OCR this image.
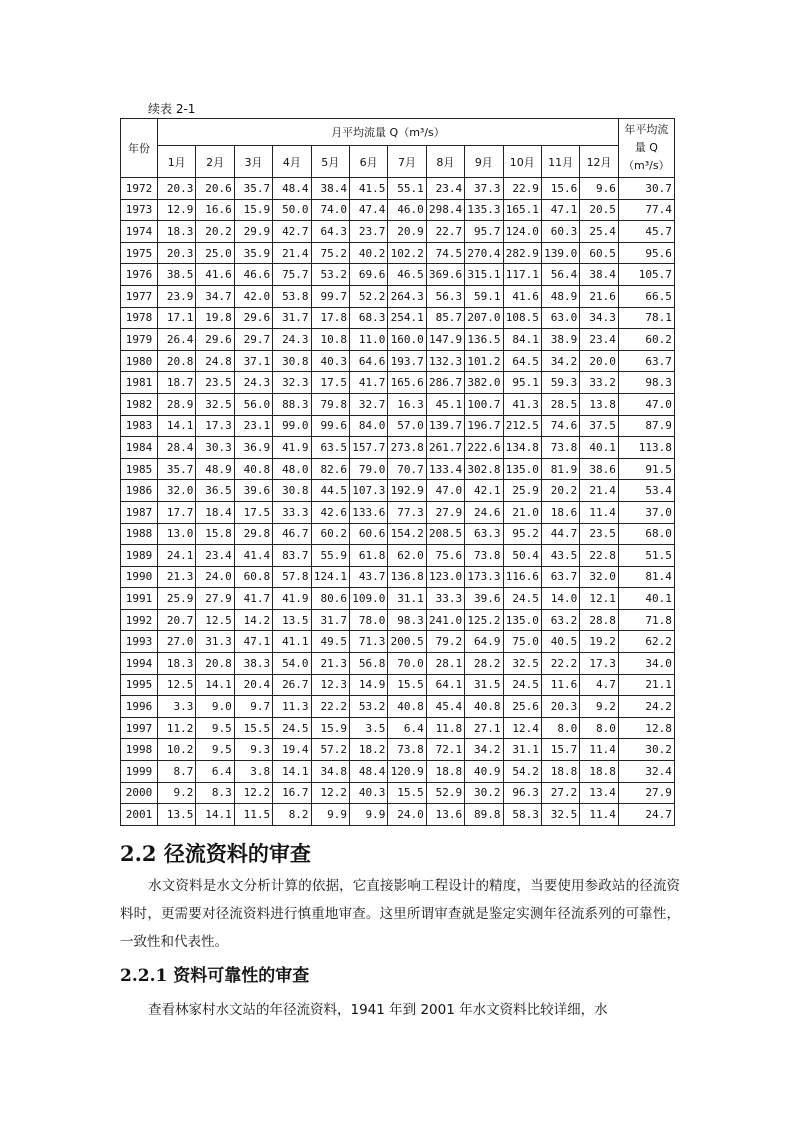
续表 2-1
年份	月平均流量 Q（m³/s）												年平均流量 Q（m³/s）
	1月	2月	3月	4月	5月	6月	7月	8月	9月	10月	11月	12月	
1972	20.3	20.6	35.7	48.4	38.4	41.5	55.1	23.4	37.3	22.9	15.6	9.6	30.7
1973	12.9	16.6	15.9	50.0	74.0	47.4	46.0	298.4	135.3	165.1	47.1	20.5	77.4
1974	18.3	20.2	29.9	42.7	64.3	23.7	20.9	22.7	95.7	124.0	60.3	25.4	45.7
1975	20.3	25.0	35.9	21.4	75.2	40.2	102.2	74.5	270.4	282.9	139.0	60.5	95.6
1976	38.5	41.6	46.6	75.7	53.2	69.6	46.5	369.6	315.1	117.1	56.4	38.4	105.7
1977	23.9	34.7	42.0	53.8	99.7	52.2	264.3	56.3	59.1	41.6	48.9	21.6	66.5
1978	17.1	19.8	29.6	31.7	17.8	68.3	254.1	85.7	207.0	108.5	63.0	34.3	78.1
1979	26.4	29.6	29.7	24.3	10.8	11.0	160.0	147.9	136.5	84.1	38.9	23.4	60.2
1980	20.8	24.8	37.1	30.8	40.3	64.6	193.7	132.3	101.2	64.5	34.2	20.0	63.7
1981	18.7	23.5	24.3	32.3	17.5	41.7	165.6	286.7	382.0	95.1	59.3	33.2	98.3
1982	28.9	32.5	56.0	88.3	79.8	32.7	16.3	45.1	100.7	41.3	28.5	13.8	47.0
1983	14.1	17.3	23.1	99.0	99.6	84.0	57.0	139.7	196.7	212.5	74.6	37.5	87.9
1984	28.4	30.3	36.9	41.9	63.5	157.7	273.8	261.7	222.6	134.8	73.8	40.1	113.8
1985	35.7	48.9	40.8	48.0	82.6	79.0	70.7	133.4	302.8	135.0	81.9	38.6	91.5
1986	32.0	36.5	39.6	30.8	44.5	107.3	192.9	47.0	42.1	25.9	20.2	21.4	53.4
1987	17.7	18.4	17.5	33.3	42.6	133.6	77.3	27.9	24.6	21.0	18.6	11.4	37.0
1988	13.0	15.8	29.8	46.7	60.2	60.6	154.2	208.5	63.3	95.2	44.7	23.5	68.0
1989	24.1	23.4	41.4	83.7	55.9	61.8	62.0	75.6	73.8	50.4	43.5	22.8	51.5
1990	21.3	24.0	60.8	57.8	124.1	43.7	136.8	123.0	173.3	116.6	63.7	32.0	81.4
1991	25.9	27.9	41.7	41.9	80.6	109.0	31.1	33.3	39.6	24.5	14.0	12.1	40.1
1992	20.7	12.5	14.2	13.5	31.7	78.0	98.3	241.0	125.2	135.0	63.2	28.8	71.8
1993	27.0	31.3	47.1	41.1	49.5	71.3	200.5	79.2	64.9	75.0	40.5	19.2	62.2
1994	18.3	20.8	38.3	54.0	21.3	56.8	70.0	28.1	28.2	32.5	22.2	17.3	34.0
1995	12.5	14.1	20.4	26.7	12.3	14.9	15.5	64.1	31.5	24.5	11.6	4.7	21.1
1996	3.3	9.0	9.7	11.3	22.2	53.2	40.8	45.4	40.8	25.6	20.3	9.2	24.2
1997	11.2	9.5	15.5	24.5	15.9	3.5	6.4	11.8	27.1	12.4	8.0	8.0	12.8
1998	10.2	9.5	9.3	19.4	57.2	18.2	73.8	72.1	34.2	31.1	15.7	11.4	30.2
1999	8.7	6.4	3.8	14.1	34.8	48.4	120.9	18.8	40.9	54.2	18.8	18.8	32.4
2000	9.2	8.3	12.2	16.7	12.2	40.3	15.5	52.9	30.2	96.3	27.2	13.4	27.9
2001	13.5	14.1	11.5	8.2	9.9	9.9	24.0	13.6	89.8	58.3	32.5	11.4	24.7
2.2 径流资料的审查
水文资料是水文分析计算的依据，它直接影响工程设计的精度，当要使用参政站的径流资料时，更需要对径流资料进行慎重地审查。这里所谓审查就是鉴定实测年径流系列的可靠性，一致性和代表性。
2.2.1 资料可靠性的审查
查看林家村水文站的年径流资料，1941 年到 2001 年水文资料比较详细，水
